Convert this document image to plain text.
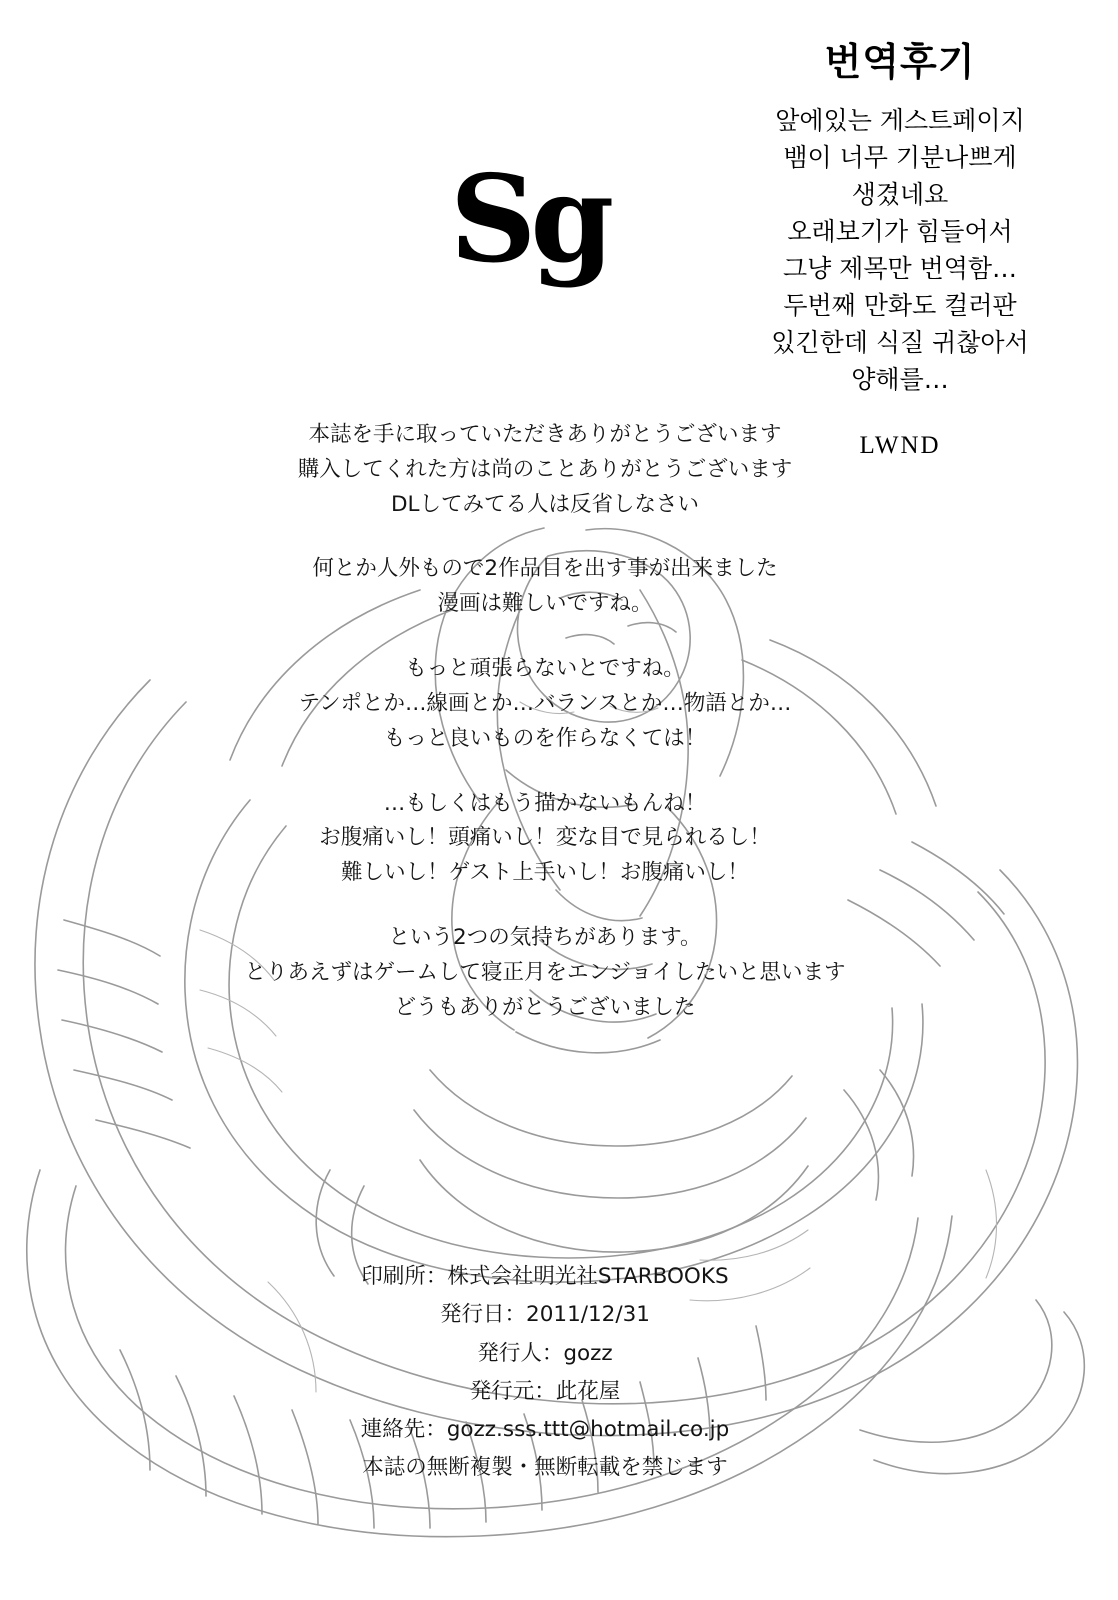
Sg
번역후기
앞에있는 게스트페이지
뱀이 너무 기분나쁘게
생겼네요
오래보기가 힘들어서
그냥 제목만 번역함…
두번째 만화도 컬러판
있긴한데 식질 귀찮아서
양해를…
LWND
本誌を手に取っていただきありがとうございます
購入してくれた方は尚のことありがとうございます
DLしてみてる人は反省しなさい
何とか人外もので2作品目を出す事が出来ました
漫画は難しいですね。
もっと頑張らないとですね。
テンポとか…線画とか…バランスとか…物語とか…
もっと良いものを作らなくては！
…もしくはもう描かないもんね！
お腹痛いし！頭痛いし！変な目で見られるし！
難しいし！ゲスト上手いし！お腹痛いし！
という2つの気持ちがあります。
とりあえずはゲームして寝正月をエンジョイしたいと思います
どうもありがとうございました
印刷所：株式会社明光社STARBOOKS
発行日：2011/12/31
発行人：gozz
発行元：此花屋
連絡先：gozz.sss.ttt@hotmail.co.jp
本誌の無断複製・無断転載を禁じます
